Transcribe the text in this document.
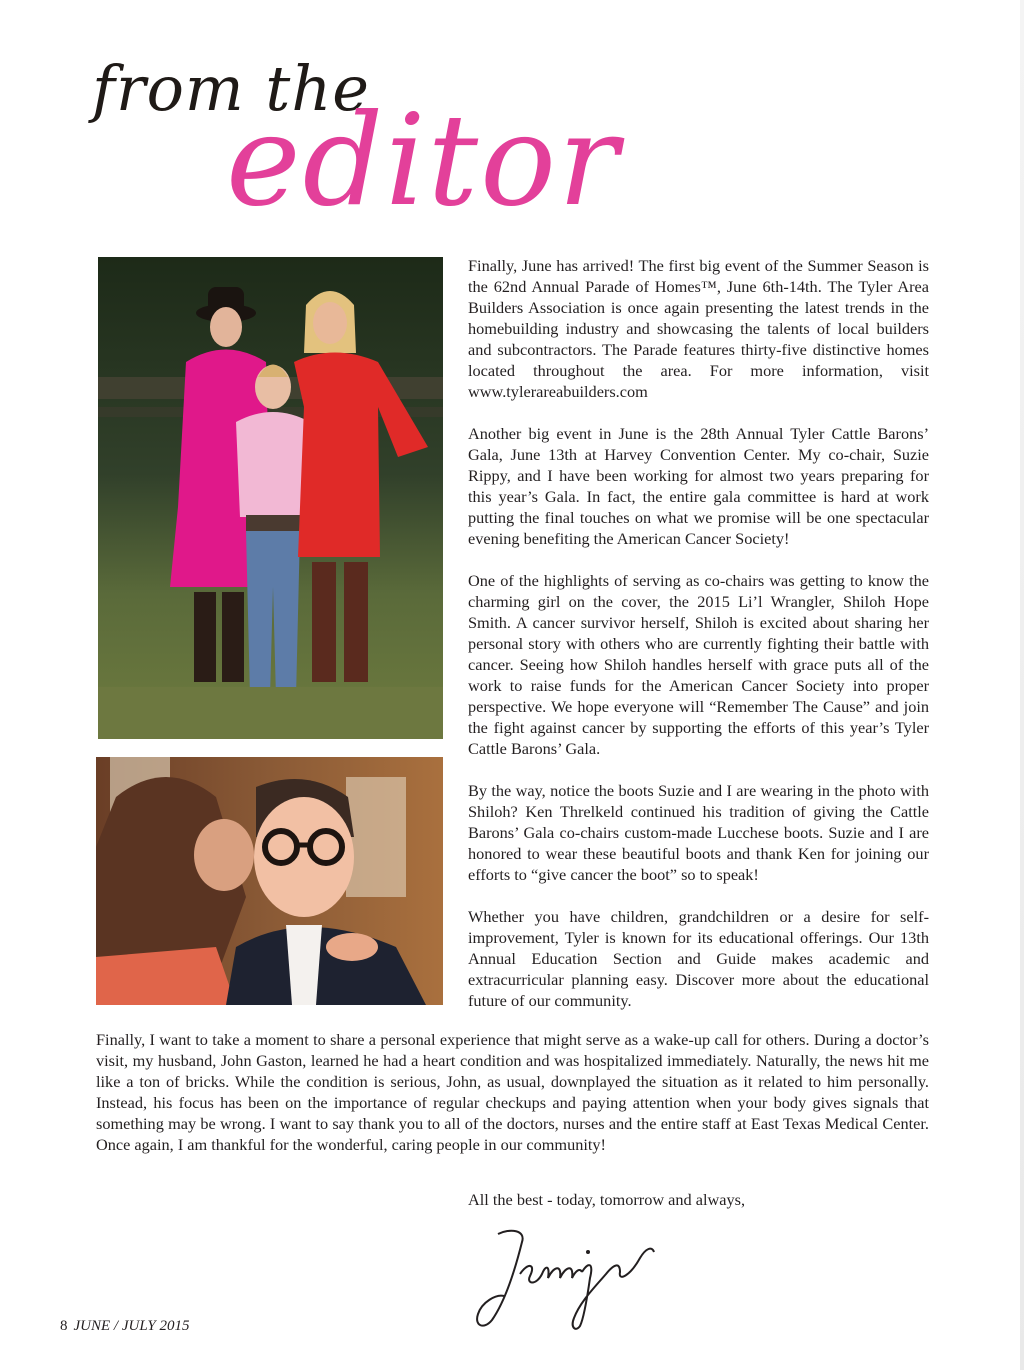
from the
editor

Finally, June has arrived! The first big event of the Summer Season is the 62nd Annual Parade of Homes™, June 6th-14th. The Tyler Area Builders Association is once again presenting the latest trends in the homebuilding industry and showcasing the talents of local builders and subcontractors. The Parade features thirty-five distinctive homes located throughout the area. For more information, visit www.tylerareabuilders.com

Another big event in June is the 28th Annual Tyler Cattle Barons’ Gala, June 13th at Harvey Convention Center. My co-chair, Suzie Rippy, and I have been working for almost two years preparing for this year’s Gala. In fact, the entire gala committee is hard at work putting the final touches on what we promise will be one spectacular evening benefiting the American Cancer Society!

One of the highlights of serving as co-chairs was getting to know the charming girl on the cover, the 2015 Li’l Wrangler, Shiloh Hope Smith. A cancer survivor herself, Shiloh is excited about sharing her personal story with others who are currently fighting their battle with cancer. Seeing how Shiloh handles herself with grace puts all of the work to raise funds for the American Cancer Society into proper perspective. We hope everyone will “Remember The Cause” and join the fight against cancer by supporting the efforts of this year’s Tyler Cattle Barons’ Gala.

By the way, notice the boots Suzie and I are wearing in the photo with Shiloh? Ken Threlkeld continued his tradition of giving the Cattle Barons’ Gala co-chairs custom-made Lucchese boots. Suzie and I are honored to wear these beautiful boots and thank Ken for joining our efforts to “give cancer the boot” so to speak!

Whether you have children, grandchildren or a desire for self-improvement, Tyler is known for its educational offerings. Our 13th Annual Education Section and Guide makes academic and extracurricular planning easy. Discover more about the educational future of our community.

Finally, I want to take a moment to share a personal experience that might serve as a wake-up call for others. During a doctor’s visit, my husband, John Gaston, learned he had a heart condition and was hospitalized immediately. Naturally, the news hit me like a ton of bricks. While the condition is serious, John, as usual, downplayed the situation as it related to him personally. Instead, his focus has been on the importance of regular checkups and paying attention when your body gives signals that something may be wrong. I want to say thank you to all of the doctors, nurses and the entire staff at East Texas Medical Center. Once again, I am thankful for the wonderful, caring people in our community!

All the best - today, tomorrow and always,
8 JUNE / JULY 2015
